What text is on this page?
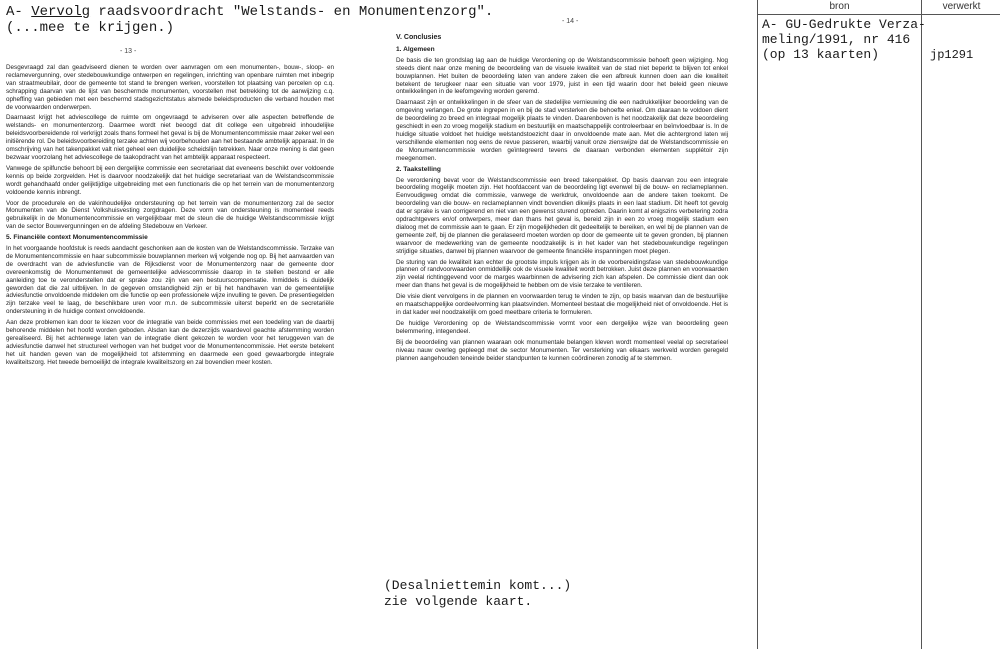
A- Vervolg raadsvoordracht "Welstands- en Monumentenzorg".
(...mee te krijgen.)
- 13 -
- 14 -

Desgevraagd zal dan geadviseerd dienen te worden over aanvragen om een monumenten-, bouw-, sloop- en reclamevergunning, over stedebouwkundige ontwerpen en regelingen, inrichting van openbare ruimten met inbegrip van straatmeubilair, door de gemeente tot stand te brengen werken, voorstellen tot plaatsing van percelen op c.q. schrapping daarvan van de lijst van beschermde monumenten, voorstellen met betrekking tot de aanwijzing c.q. opheffing van gebieden met een beschermd stadsgezichtstatus alsmede beleidsproducten die verband houden met de voorwaarden onderwerpen.

Daarnaast krijgt het adviescollege de ruimte om ongevraagd te adviseren over alle aspecten betreffende de welstands- en monumentenzorg. Daarmee wordt niet beoogd dat dit college een uitgebreid inhoudelijke beleidsvoorbereidende rol verkrijgt zoals thans formeel het geval is bij de Monumentencommissie maar zeker wel een initiërende rol. De beleidsvoorbereiding terzake achten wij voorbehouden aan het bestaande ambtelijk apparaat. In de omschrijving van het takenpakket valt niet geheel een duidelijke scheidslijn tetrekken. Naar onze mening is dat geen bezwaar voorzolang het adviescollege de taakopdracht van het ambtelijk apparaat respecteert.

Vanwege de spilfunctie behoort bij een dergelijke commissie een secretariaat dat eveneens beschikt over voldoende kennis op beide zorgvelden. Het is daarvoor noodzakelijk dat het huidige secretariaat van de Welstandscommissie wordt gehandhaafd onder gelijktijdige uitgebreiding met een functionaris die op het terrein van de monumentenzorg voldoende kennis inbrengt.

Voor de procedurele en de vakinhoudelijke ondersteuning op het terrein van de monumentenzorg zal de sector Monumenten van de Dienst Volkshuisvesting zorgdragen. Deze vorm van ondersteuning is momenteel reeds gebruikelijk in de Monumentencommissie en vergelijkbaar met de steun die de huidige Welstandscommissie krijgt van de sector Bouwvergunningen en de afdeling Stedebouw en Verkeer.

5. Financiële context Monumentencommissie

In het voorgaande hoofdstuk is reeds aandacht geschonken aan de kosten van de Welstandscommissie. Terzake van de Monumentencommissie en haar subcommissie bouwplannen merken wij volgende nog op. Bij het aanvaarden van de overdracht van de adviesfunctie van de Rijksdienst voor de Monumentenzorg naar de gemeente door overeenkomstig de Monumentenwet de gemeentelijke adviescommissie daarop in te stellen bestond er alle aanleiding toe te veronderstellen dat er sprake zou zijn van een bestuurscompensatie. Inmiddels is duidelijk geworden dat die zal uitblijven. In de gegeven omstandigheid zijn er bij het handhaven van de gemeentelijke adviesfunctie onvoldoende middelen om die functie op een professionele wijze invulling te geven. De presentiegelden zijn terzake veel te laag, de beschikbare uren voor m.n. de subcommissie uiterst beperkt en de secretariële ondersteuning in de huidige context onvoldoende.

Aan deze problemen kan door te kiezen voor de integratie van beide commissies met een toedeling van de daarbij behorende middelen het hoofd worden geboden. Alsdan kan de dezerzijds waardevol geachte afstemming worden gerealiseerd. Bij het achterwege laten van de integratie dient gekozen te worden voor het teruggeven van de adviesfunctie danwel het structureel verhogen van het budget voor de Monumentencommissie. Het eerste betekent het uit handen geven van de mogelijkheid tot afstemming en daarmede een goed gewaarborgde integrale kwaliteitszorg. Het tweede bemoeilijkt de integrale kwaliteitszorg en zal bovendien meer kosten.

V. Conclusies
1. Algemeen

De basis die ten grondslag lag aan de huidige Verordening op de Welstandscommissie behoeft geen wijziging. Nog steeds dient naar onze mening de beoordeling van de visuele kwaliteit van de stad niet beperkt te blijven tot enkel bouwplannen. Het buiten de beoordeling laten van andere zaken die een afbreuk kunnen doen aan die kwaliteit betekent de terugkeer naar een situatie van voor 1979, juist in een tijd waarin door het beleid geen nieuwe ontwikkelingen in de leefomgeving worden geremd.

Daarnaast zijn er ontwikkelingen in de sfeer van de stedelijke vernieuwing die een nadrukkelijker beoordeling van de omgeving verlangen. De grote ingrepen in en bij de stad versterken die behoefte enkel. Om daaraan te voldoen dient de beoordeling zo breed en integraal mogelijk plaats te vinden. Daarenboven is het noodzakelijk dat deze beoordeling geschiedt in een zo vroeg mogelijk stadium en bestuurlijk en maatschappelijk controleerbaar en beïnvloedbaar is. In de huidige situatie voldoet het huidige welstandstoezicht daar in onvoldoende mate aan. Met die achtergrond laten wij verschillende elementen nog eens de revue passeren, waarbij vanuit onze zienswijze dat de Welstandscommissie en de Monumentencommissie worden geïntegreerd tevens de daaraan verbonden elementen supplétoir zijn meegenomen.

2. Taakstelling

De verordening bevat voor de Welstandscommissie een breed takenpakket. Op basis daarvan zou een integrale beoordeling mogelijk moeten zijn. Het hoofdaccent van de beoordeling ligt evenwel bij de bouw- en reclameplannen. Eenvoudigweg omdat die commissie, vanwege de werkdruk, onvoldoende aan de andere taken toekomt. De beoordeling van die bouw- en reclameplannen vindt bovendien dikwijls plaats in een laat stadium. Dit heeft tot gevolg dat er sprake is van corrigerend en niet van een gewenst sturend optreden. Daarin komt al enigszins verbetering zodra opdrachtgevers en/of ontwerpers, meer dan thans het geval is, bereid zijn in een zo vroeg mogelijk stadium een dialoog met de commissie aan te gaan. Er zijn mogelijkheden dit gedeeltelijk te bereiken, en wel bij de plannen van de gemeente zelf, bij de plannen die geralaseerd moeten worden op door de gemeente uit te geven gronden, bij plannen waarvoor de medewerking van de gemeente noodzakelijk is in het kader van het stedebouwkundige regelingen strijdige situaties, danwel bij plannen waarvoor de gemeente financiële inspanningen moet plegen.

De sturing van de kwaliteit kan echter de grootste impuls krijgen als in de voorbereidingsfase van stedebouwkundige plannen of randvoorwaarden onmiddellijk ook de visuele kwaliteit wordt betrokken. Juist deze plannen en voorwaarden zijn veelal richtinggevend voor de marges waarbinnen de advisering zich kan afspelen. De commissie dient dan ook meer dan thans het geval is de mogelijkheid te hebben om de visie terzake te ventileren.

Die visie dient vervolgens in de plannen en voorwaarden terug te vinden te zijn, op basis waarvan dan de bestuurlijke en maatschappelijke oordeelvorming kan plaatsvinden. Momenteel bestaat die mogelijkheid niet of onvoldoende. Het is in dat kader wel noodzakelijk om goed meetbare criteria te formuleren.

De huidige Verordening op de Welstandscommissie vormt voor een dergelijke wijze van beoordeling geen belemmering, integendeel.

Bij de beoordeling van plannen waaraan ook monumentale belangen kleven wordt momenteel veelal op secretarieel niveau nauw overleg gepleegd met de sector Monumenten. Ter versterking van elkaars werkveld worden geregeld plannen aangehouden teneinde beider standpunten te kunnen coördineren zonodig af te stemmen.

(Desalniettemin komt...)
zie volgende kaart.
bron	verwerkt
A- GU-Gedrukte Verza-
meling/1991, nr 416
(op 13 kaarten)	jp1291
